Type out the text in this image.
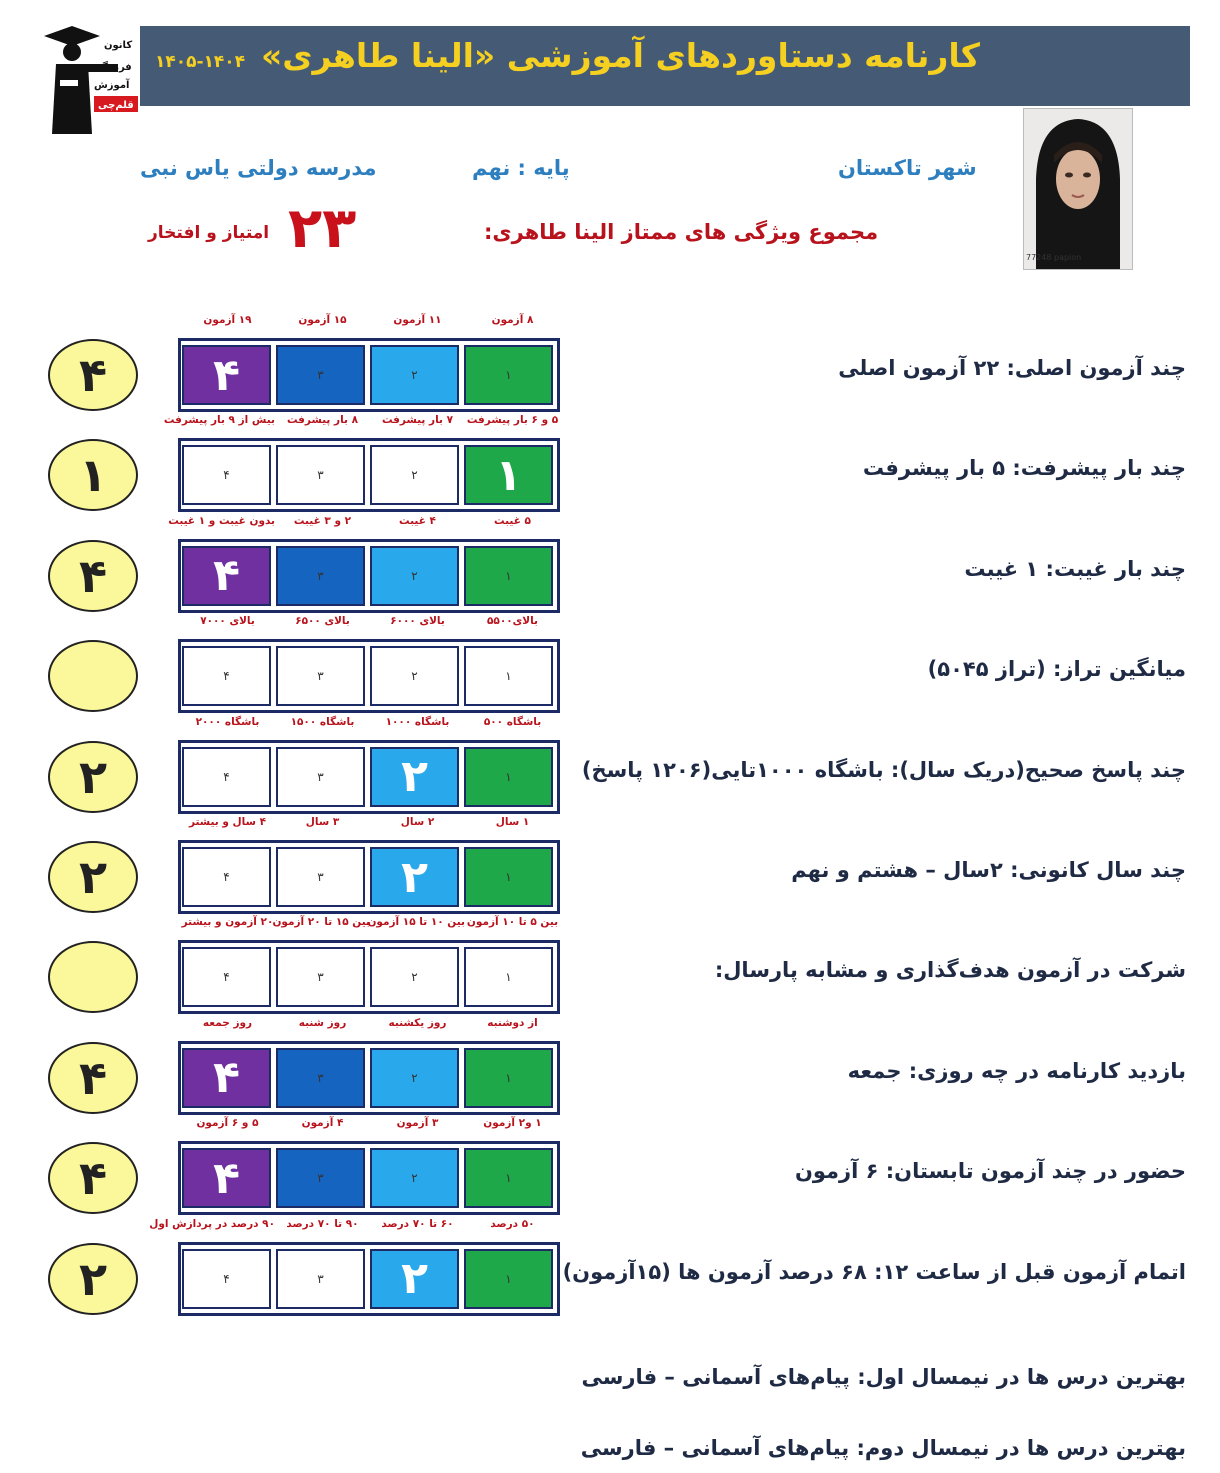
کارنامه دستاوردهای آموزشی «الینا طاهری»
۱۴۰۵-۱۴۰۴
کانون
فرهنگی
آموزش
قلم‌چی
شهر تاکستان
پایه : نهم
مدرسه دولتی یاس نبی
مجموع ویژگی های ممتاز الینا طاهری:
۲۳
امتیاز و افتخار
77248 papion
چند آزمون اصلی: ۲۲ آزمون اصلی
۸ آزمون
۱۱ آزمون
۱۵ آزمون
۱۹ آزمون
۱
۲
۳
۴
۴
چند بار پیشرفت: ۵ بار پیشرفت
۵ و ۶ بار پیشرفت
۷ بار پیشرفت
۸ بار پیشرفت
بیش از ۹ بار پیشرفت
۱
۲
۳
۴
۱
چند بار غیبت: ۱ غیبت
۵ غیبت
۴ غیبت
۲ و ۳ غیبت
بدون غیبت و ۱ غیبت
۱
۲
۳
۴
۴
میانگین تراز: (تراز ۵۰۴۵)
بالای۵۵۰۰
بالای ۶۰۰۰
بالای ۶۵۰۰
بالای ۷۰۰۰
۱
۲
۳
۴
چند پاسخ صحیح(دریک سال): باشگاه ۱۰۰۰تایی(۱۲۰۶ پاسخ)
باشگاه ۵۰۰
باشگاه ۱۰۰۰
باشگاه ۱۵۰۰
باشگاه ۲۰۰۰
۱
۲
۳
۴
۲
چند سال کانونی: ۲سال – هشتم و نهم
۱ سال
۲ سال
۳ سال
۴ سال و بیشتر
۱
۲
۳
۴
۲
شرکت در آزمون هدف‌گذاری و مشابه پارسال:
بین ۵ تا ۱۰ آزمون
بین ۱۰ تا ۱۵ آزمون
بین ۱۵ تا ۲۰ آزمون
۲۰ آزمون و بیشتر
۱
۲
۳
۴
بازدید کارنامه در چه روزی: جمعه
از دوشنبه
روز یکشنبه
روز شنبه
روز جمعه
۱
۲
۳
۴
۴
حضور در چند آزمون تابستان: ۶ آزمون
۱ و۲ آزمون
۳ آزمون
۴ آزمون
۵ و ۶ آزمون
۱
۲
۳
۴
۴
اتمام آزمون قبل از ساعت ۱۲: ۶۸ درصد آزمون ها (۱۵آزمون)
۵۰ درصد
۶۰ تا ۷۰ درصد
۹۰ تا ۷۰ درصد
۹۰ درصد در پردازش اول
۱
۲
۳
۴
۲
بهترین درس ها در نیمسال اول: پیام‌های آسمانی – فارسی
بهترین درس ها در نیمسال دوم: پیام‌های آسمانی – فارسی
